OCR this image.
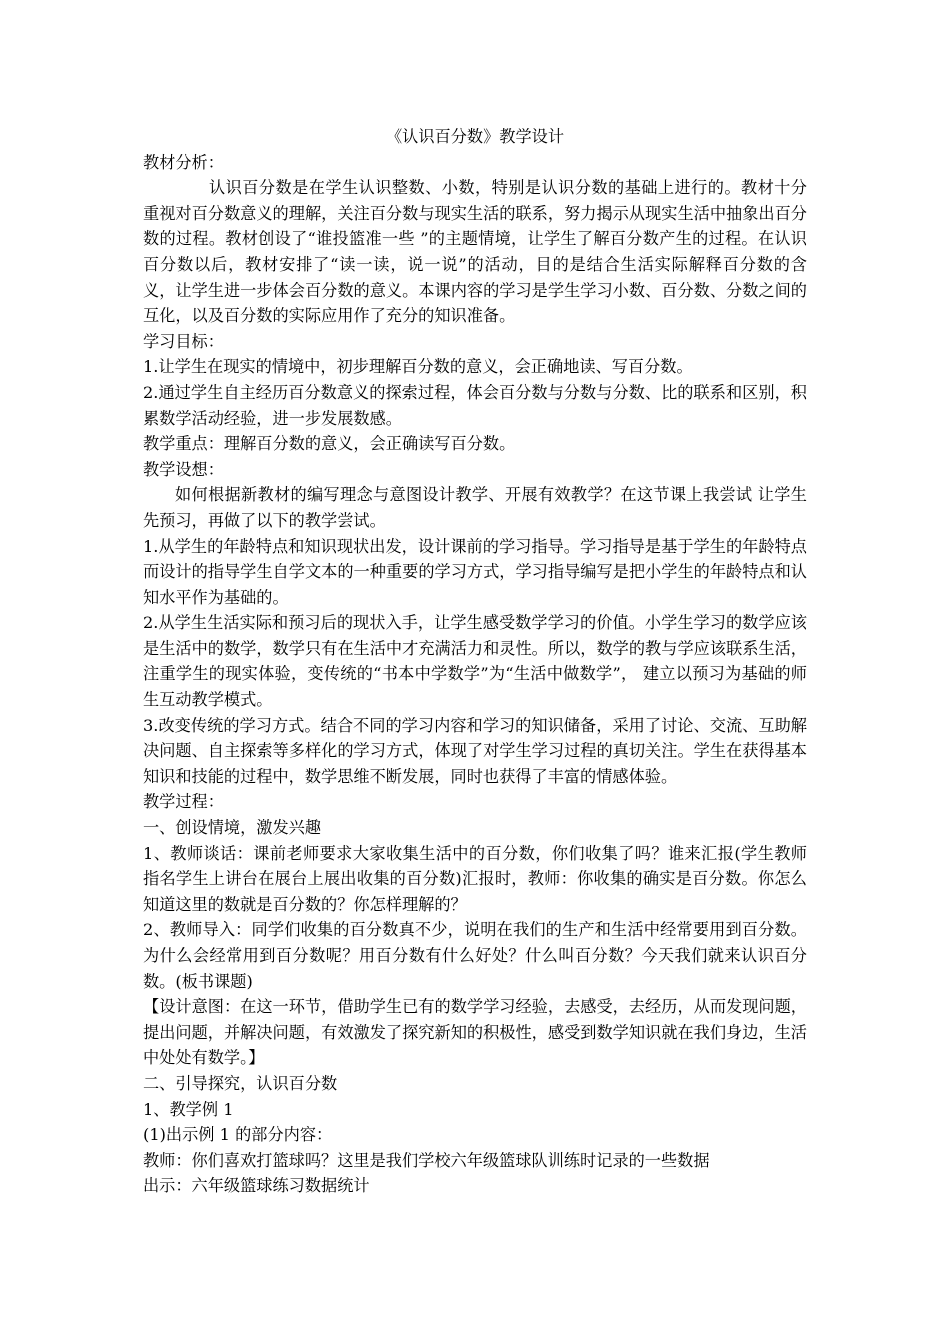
《认识百分数》教学设计

教材分析：

认识百分数是在学生认识整数、小数，特别是认识分数的基础上进行的。教材十分重视对百分数意义的理解，关注百分数与现实生活的联系，努力揭示从现实生活中抽象出百分数的过程。教材创设了“谁投篮准一些 ”的主题情境，让学生了解百分数产生的过程。在认识百分数以后，教材安排了“读一读，说一说”的活动，目的是结合生活实际解释百分数的含义，让学生进一步体会百分数的意义。本课内容的学习是学生学习小数、百分数、分数之间的互化，以及百分数的实际应用作了充分的知识准备。

学习目标：

1.让学生在现实的情境中，初步理解百分数的意义，会正确地读、写百分数。

2.通过学生自主经历百分数意义的探索过程，体会百分数与分数与分数、比的联系和区别，积累数学活动经验，进一步发展数感。

教学重点：理解百分数的意义，会正确读写百分数。

教学设想：

如何根据新教材的编写理念与意图设计教学、开展有效教学？在这节课上我尝试 让学生先预习，再做了以下的教学尝试。

1.从学生的年龄特点和知识现状出发，设计课前的学习指导。学习指导是基于学生的年龄特点而设计的指导学生自学文本的一种重要的学习方式，学习指导编写是把小学生的年龄特点和认知水平作为基础的。

2.从学生生活实际和预习后的现状入手，让学生感受数学学习的价值。小学生学习的数学应该是生活中的数学，数学只有在生活中才充满活力和灵性。所以，数学的教与学应该联系生活，注重学生的现实体验，变传统的“书本中学数学”为“生活中做数学”， 建立以预习为基础的师生互动教学模式。

3.改变传统的学习方式。结合不同的学习内容和学习的知识储备，采用了讨论、交流、互助解决问题、自主探索等多样化的学习方式，体现了对学生学习过程的真切关注。学生在获得基本知识和技能的过程中，数学思维不断发展，同时也获得了丰富的情感体验。

教学过程：

一、创设情境，激发兴趣

1、教师谈话：课前老师要求大家收集生活中的百分数，你们收集了吗？谁来汇报(学生教师指名学生上讲台在展台上展出收集的百分数)汇报时，教师：你收集的确实是百分数。你怎么知道这里的数就是百分数的？你怎样理解的？

2、教师导入：同学们收集的百分数真不少，说明在我们的生产和生活中经常要用到百分数。为什么会经常用到百分数呢？用百分数有什么好处？什么叫百分数？今天我们就来认识百分数。(板书课题)

【设计意图：在这一环节，借助学生已有的数学学习经验，去感受，去经历，从而发现问题，提出问题，并解决问题，有效激发了探究新知的积极性，感受到数学知识就在我们身边，生活中处处有数学。】

二、引导探究，认识百分数

1、教学例 1

(1)出示例 1 的部分内容：

教师：你们喜欢打篮球吗？这里是我们学校六年级篮球队训练时记录的一些数据

出示：六年级篮球练习数据统计
